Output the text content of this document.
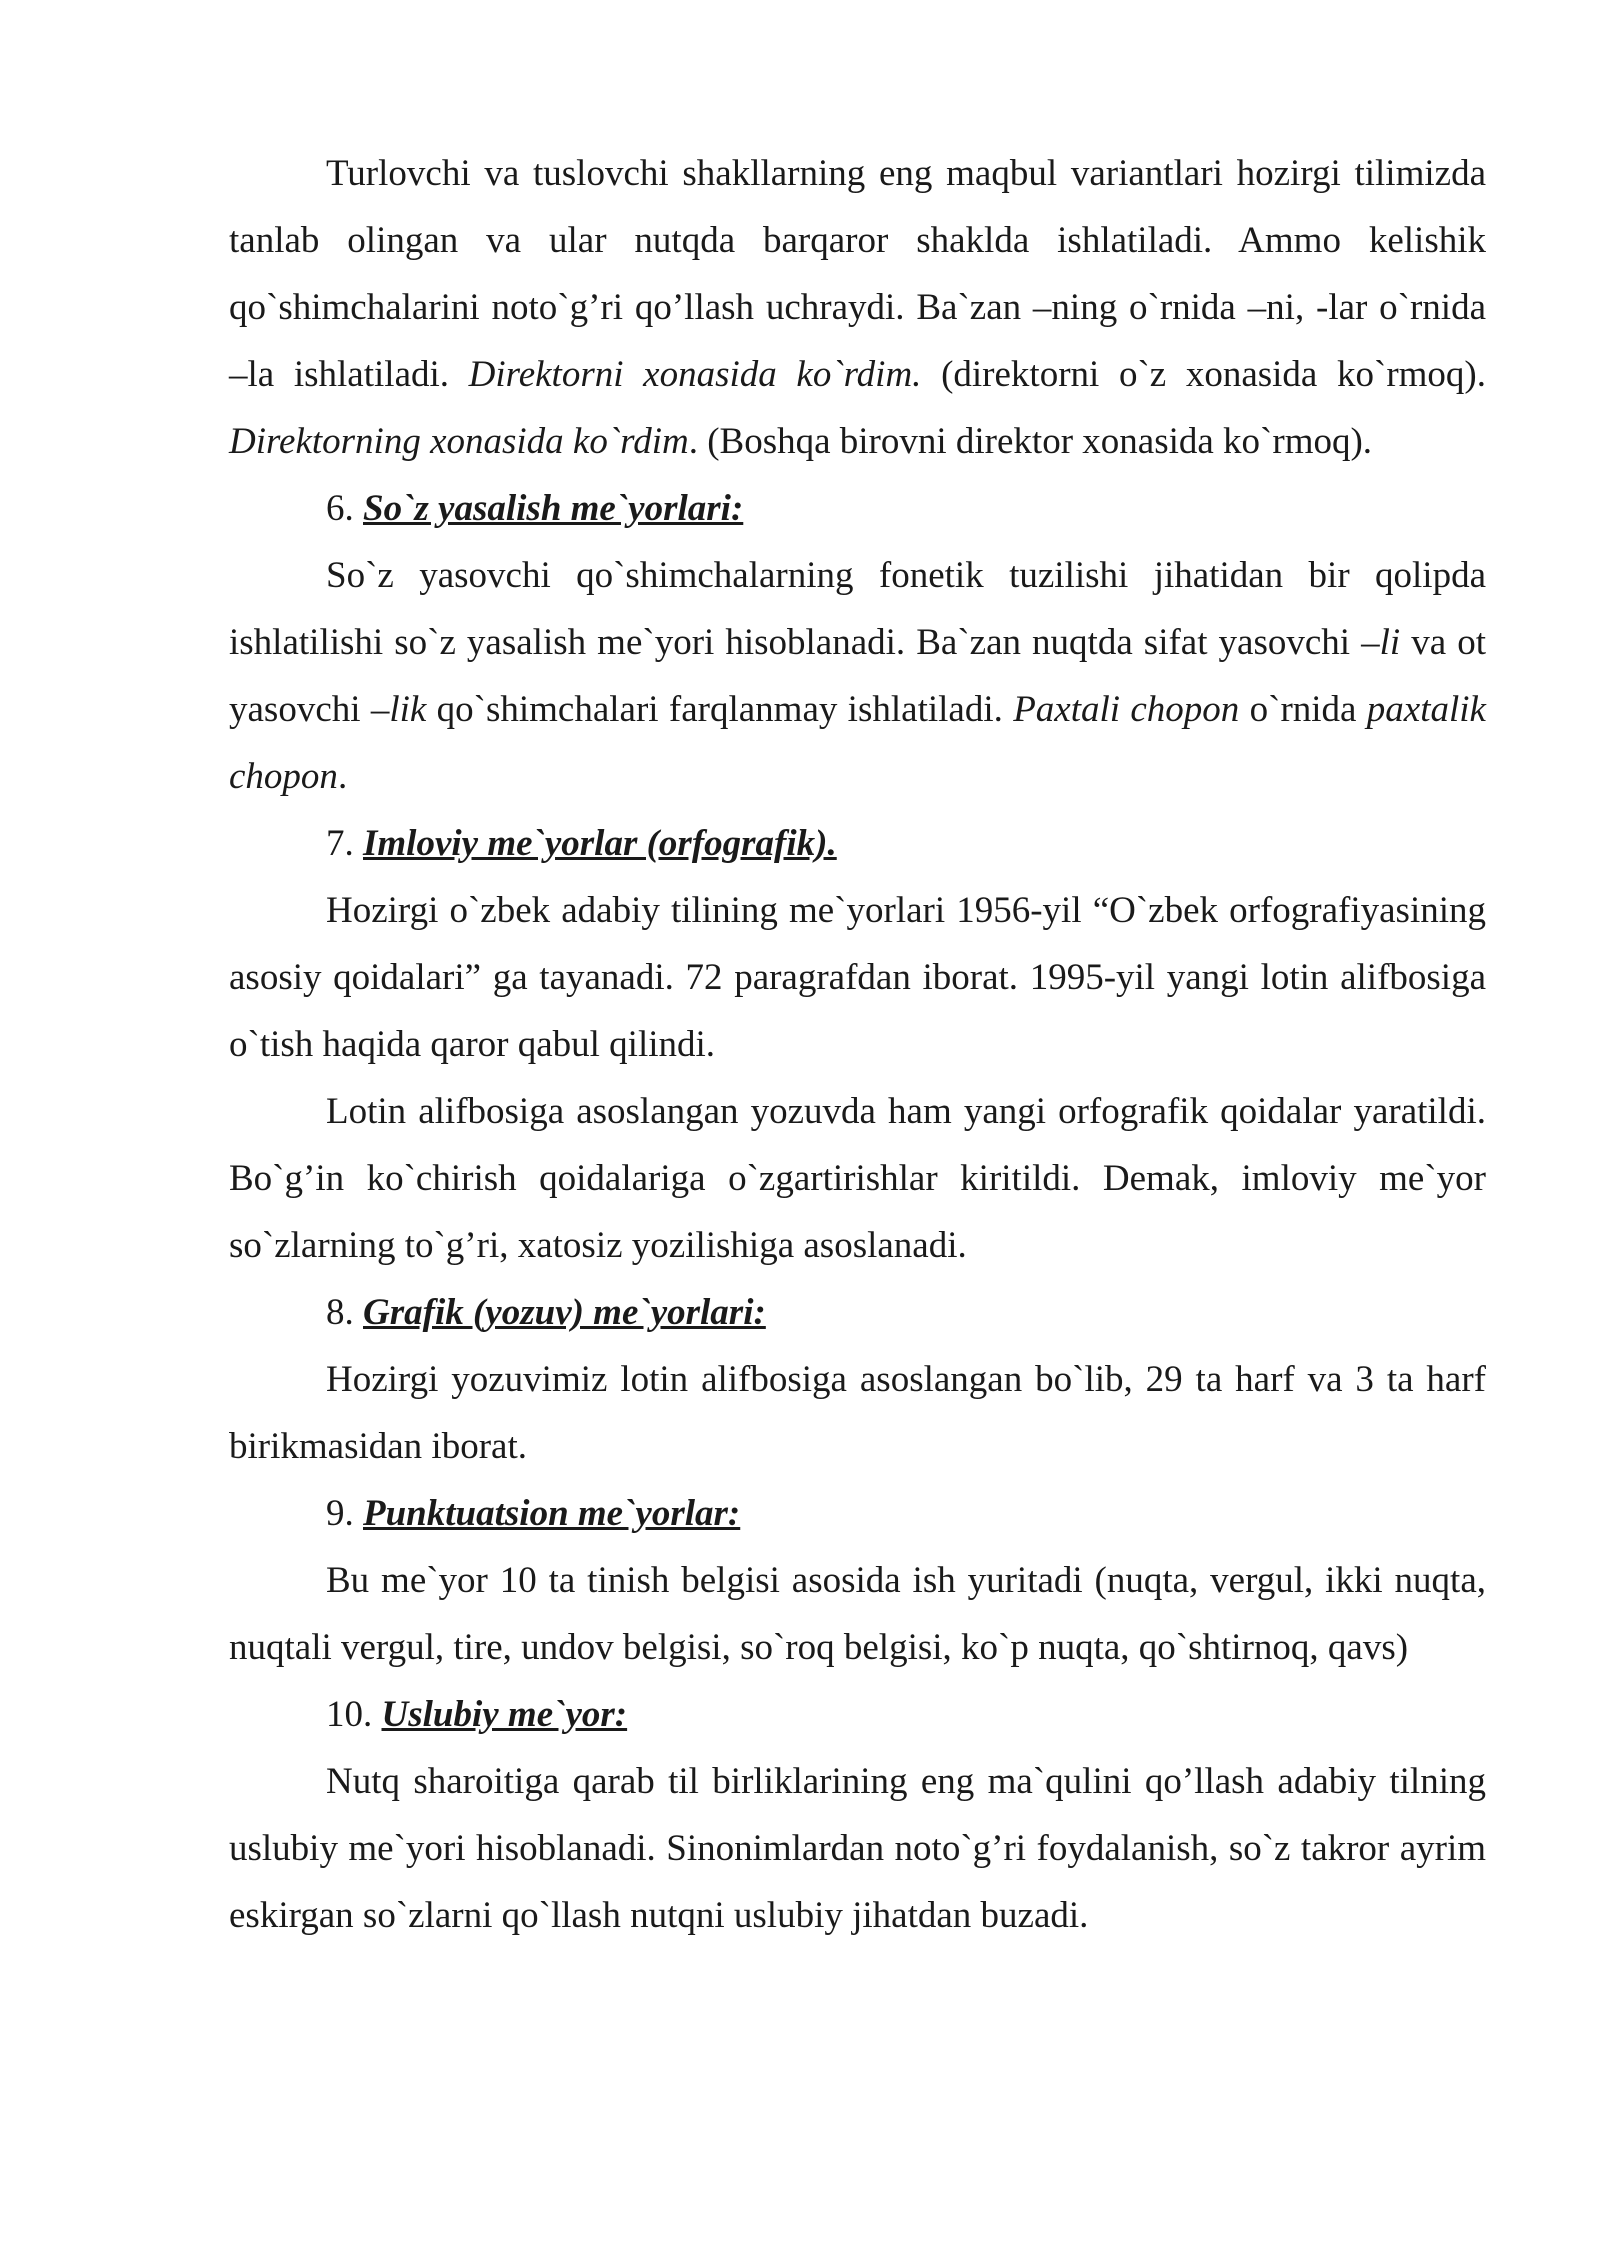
Turlovchi va tuslovchi shakllarning eng maqbul variantlari hozirgi tilimizda tanlab olingan va ular nutqda barqaror shaklda ishlatiladi. Ammo kelishik qo`shimchalarini noto`g’ri qo’llash uchraydi. Ba`zan –ning o`rnida –ni, -lar o`rnida –la ishlatiladi. Direktorni xonasida ko`rdim. (direktorni o`z xonasida ko`rmoq). Direktorning xonasida ko`rdim. (Boshqa birovni direktor xonasida ko`rmoq).

6. So`z yasalish me`yorlari:

So`z yasovchi qo`shimchalarning fonetik tuzilishi jihatidan bir qolipda ishlatilishi so`z yasalish me`yori hisoblanadi. Ba`zan nuqtda sifat yasovchi –li va ot yasovchi –lik qo`shimchalari farqlanmay ishlatiladi. Paxtali chopon o`rnida paxtalik chopon.

7. Imloviy me`yorlar (orfografik).

Hozirgi o`zbek adabiy tilining me`yorlari 1956-yil “O`zbek orfografiyasining asosiy qoidalari” ga tayanadi. 72 paragrafdan iborat. 1995-yil yangi lotin alifbosiga o`tish haqida qaror qabul qilindi.

Lotin alifbosiga asoslangan yozuvda ham yangi orfografik qoidalar yaratildi. Bo`g’in ko`chirish qoidalariga o`zgartirishlar kiritildi. Demak, imloviy me`yor so`zlarning to`g’ri, xatosiz yozilishiga asoslanadi.

8. Grafik (yozuv) me`yorlari:

Hozirgi yozuvimiz lotin alifbosiga asoslangan bo`lib, 29 ta harf va 3 ta harf birikmasidan iborat.

9. Punktuatsion me`yorlar:

Bu me`yor 10 ta tinish belgisi asosida ish yuritadi (nuqta, vergul, ikki nuqta, nuqtali vergul, tire, undov belgisi, so`roq belgisi, ko`p nuqta, qo`shtirnoq, qavs)

10. Uslubiy me`yor:

Nutq sharoitiga qarab til birliklarining eng ma`qulini qo’llash adabiy tilning uslubiy me`yori hisoblanadi. Sinonimlardan noto`g’ri foydalanish, so`z takror ayrim eskirgan so`zlarni qo`llash nutqni uslubiy jihatdan buzadi.
